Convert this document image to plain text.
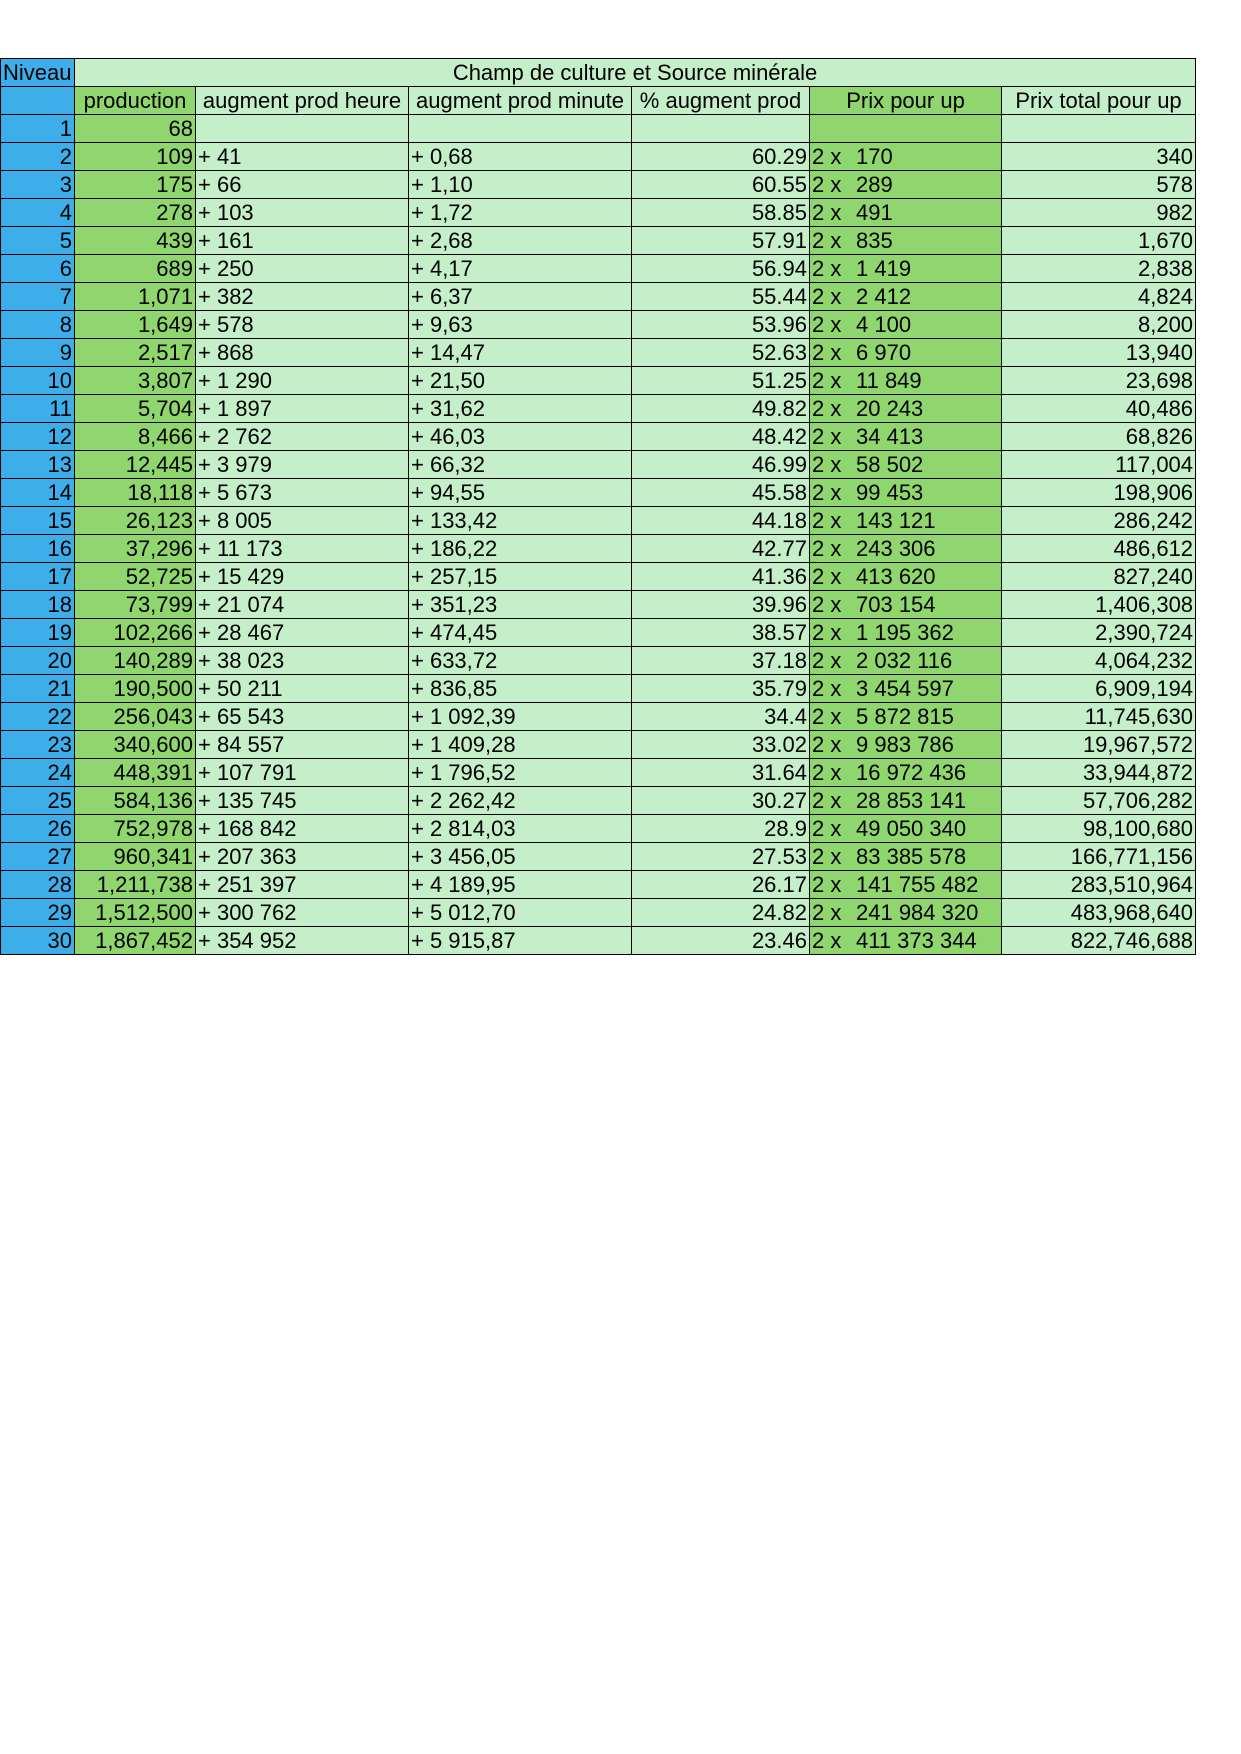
Niveau	Champ de culture et Source minérale					
	production	augment prod heure	augment prod minute	% augment prod	Prix pour up	Prix total pour up
1	68					
2	109	+ 41	+ 0,68	60.29	2 x 170	340
3	175	+ 66	+ 1,10	60.55	2 x 289	578
4	278	+ 103	+ 1,72	58.85	2 x 491	982
5	439	+ 161	+ 2,68	57.91	2 x 835	1,670
6	689	+ 250	+ 4,17	56.94	2 x 1 419	2,838
7	1,071	+ 382	+ 6,37	55.44	2 x 2 412	4,824
8	1,649	+ 578	+ 9,63	53.96	2 x 4 100	8,200
9	2,517	+ 868	+ 14,47	52.63	2 x 6 970	13,940
10	3,807	+ 1 290	+ 21,50	51.25	2 x 11 849	23,698
11	5,704	+ 1 897	+ 31,62	49.82	2 x 20 243	40,486
12	8,466	+ 2 762	+ 46,03	48.42	2 x 34 413	68,826
13	12,445	+ 3 979	+ 66,32	46.99	2 x 58 502	117,004
14	18,118	+ 5 673	+ 94,55	45.58	2 x 99 453	198,906
15	26,123	+ 8 005	+ 133,42	44.18	2 x 143 121	286,242
16	37,296	+ 11 173	+ 186,22	42.77	2 x 243 306	486,612
17	52,725	+ 15 429	+ 257,15	41.36	2 x 413 620	827,240
18	73,799	+ 21 074	+ 351,23	39.96	2 x 703 154	1,406,308
19	102,266	+ 28 467	+ 474,45	38.57	2 x 1 195 362	2,390,724
20	140,289	+ 38 023	+ 633,72	37.18	2 x 2 032 116	4,064,232
21	190,500	+ 50 211	+ 836,85	35.79	2 x 3 454 597	6,909,194
22	256,043	+ 65 543	+ 1 092,39	34.4	2 x 5 872 815	11,745,630
23	340,600	+ 84 557	+ 1 409,28	33.02	2 x 9 983 786	19,967,572
24	448,391	+ 107 791	+ 1 796,52	31.64	2 x 16 972 436	33,944,872
25	584,136	+ 135 745	+ 2 262,42	30.27	2 x 28 853 141	57,706,282
26	752,978	+ 168 842	+ 2 814,03	28.9	2 x 49 050 340	98,100,680
27	960,341	+ 207 363	+ 3 456,05	27.53	2 x 83 385 578	166,771,156
28	1,211,738	+ 251 397	+ 4 189,95	26.17	2 x 141 755 482	283,510,964
29	1,512,500	+ 300 762	+ 5 012,70	24.82	2 x 241 984 320	483,968,640
30	1,867,452	+ 354 952	+ 5 915,87	23.46	2 x 411 373 344	822,746,688
